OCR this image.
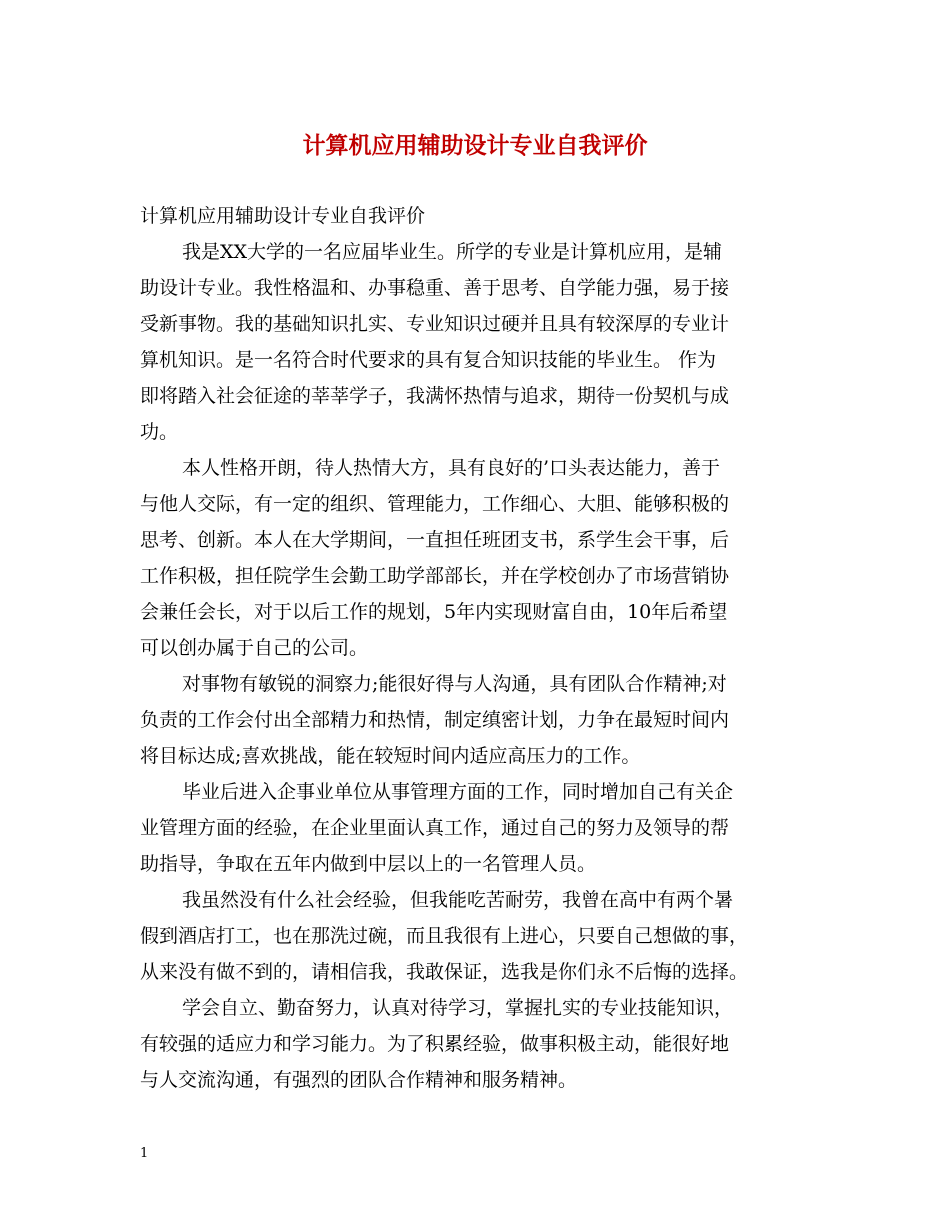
计算机应用辅助设计专业自我评价

计算机应用辅助设计专业自我评价

我是XX大学的一名应届毕业生。所学的专业是计算机应用，是辅
助设计专业。我性格温和、办事稳重、善于思考、自学能力强，易于接
受新事物。我的基础知识扎实、专业知识过硬并且具有较深厚的专业计
算机知识。是一名符合时代要求的具有复合知识技能的毕业生。 作为
即将踏入社会征途的莘莘学子，我满怀热情与追求，期待一份契机与成
功。
本人性格开朗，待人热情大方，具有良好的’口头表达能力，善于
与他人交际，有一定的组织、管理能力，工作细心、大胆、能够积极的
思考、创新。本人在大学期间，一直担任班团支书，系学生会干事，后
工作积极，担任院学生会勤工助学部部长，并在学校创办了市场营销协
会兼任会长，对于以后工作的规划，5年内实现财富自由，10年后希望
可以创办属于自己的公司。
对事物有敏锐的洞察力;能很好得与人沟通，具有团队合作精神;对
负责的工作会付出全部精力和热情，制定缜密计划，力争在最短时间内
将目标达成;喜欢挑战，能在较短时间内适应高压力的工作。
毕业后进入企事业单位从事管理方面的工作，同时增加自己有关企
业管理方面的经验，在企业里面认真工作，通过自己的努力及领导的帮
助指导，争取在五年内做到中层以上的一名管理人员。
我虽然没有什么社会经验，但我能吃苦耐劳，我曾在高中有两个暑
假到酒店打工，也在那洗过碗，而且我很有上进心，只要自己想做的事，
从来没有做不到的，请相信我，我敢保证，选我是你们永不后悔的选择。
学会自立、勤奋努力，认真对待学习，掌握扎实的专业技能知识，
有较强的适应力和学习能力。为了积累经验，做事积极主动，能很好地
与人交流沟通，有强烈的团队合作精神和服务精神。
1
